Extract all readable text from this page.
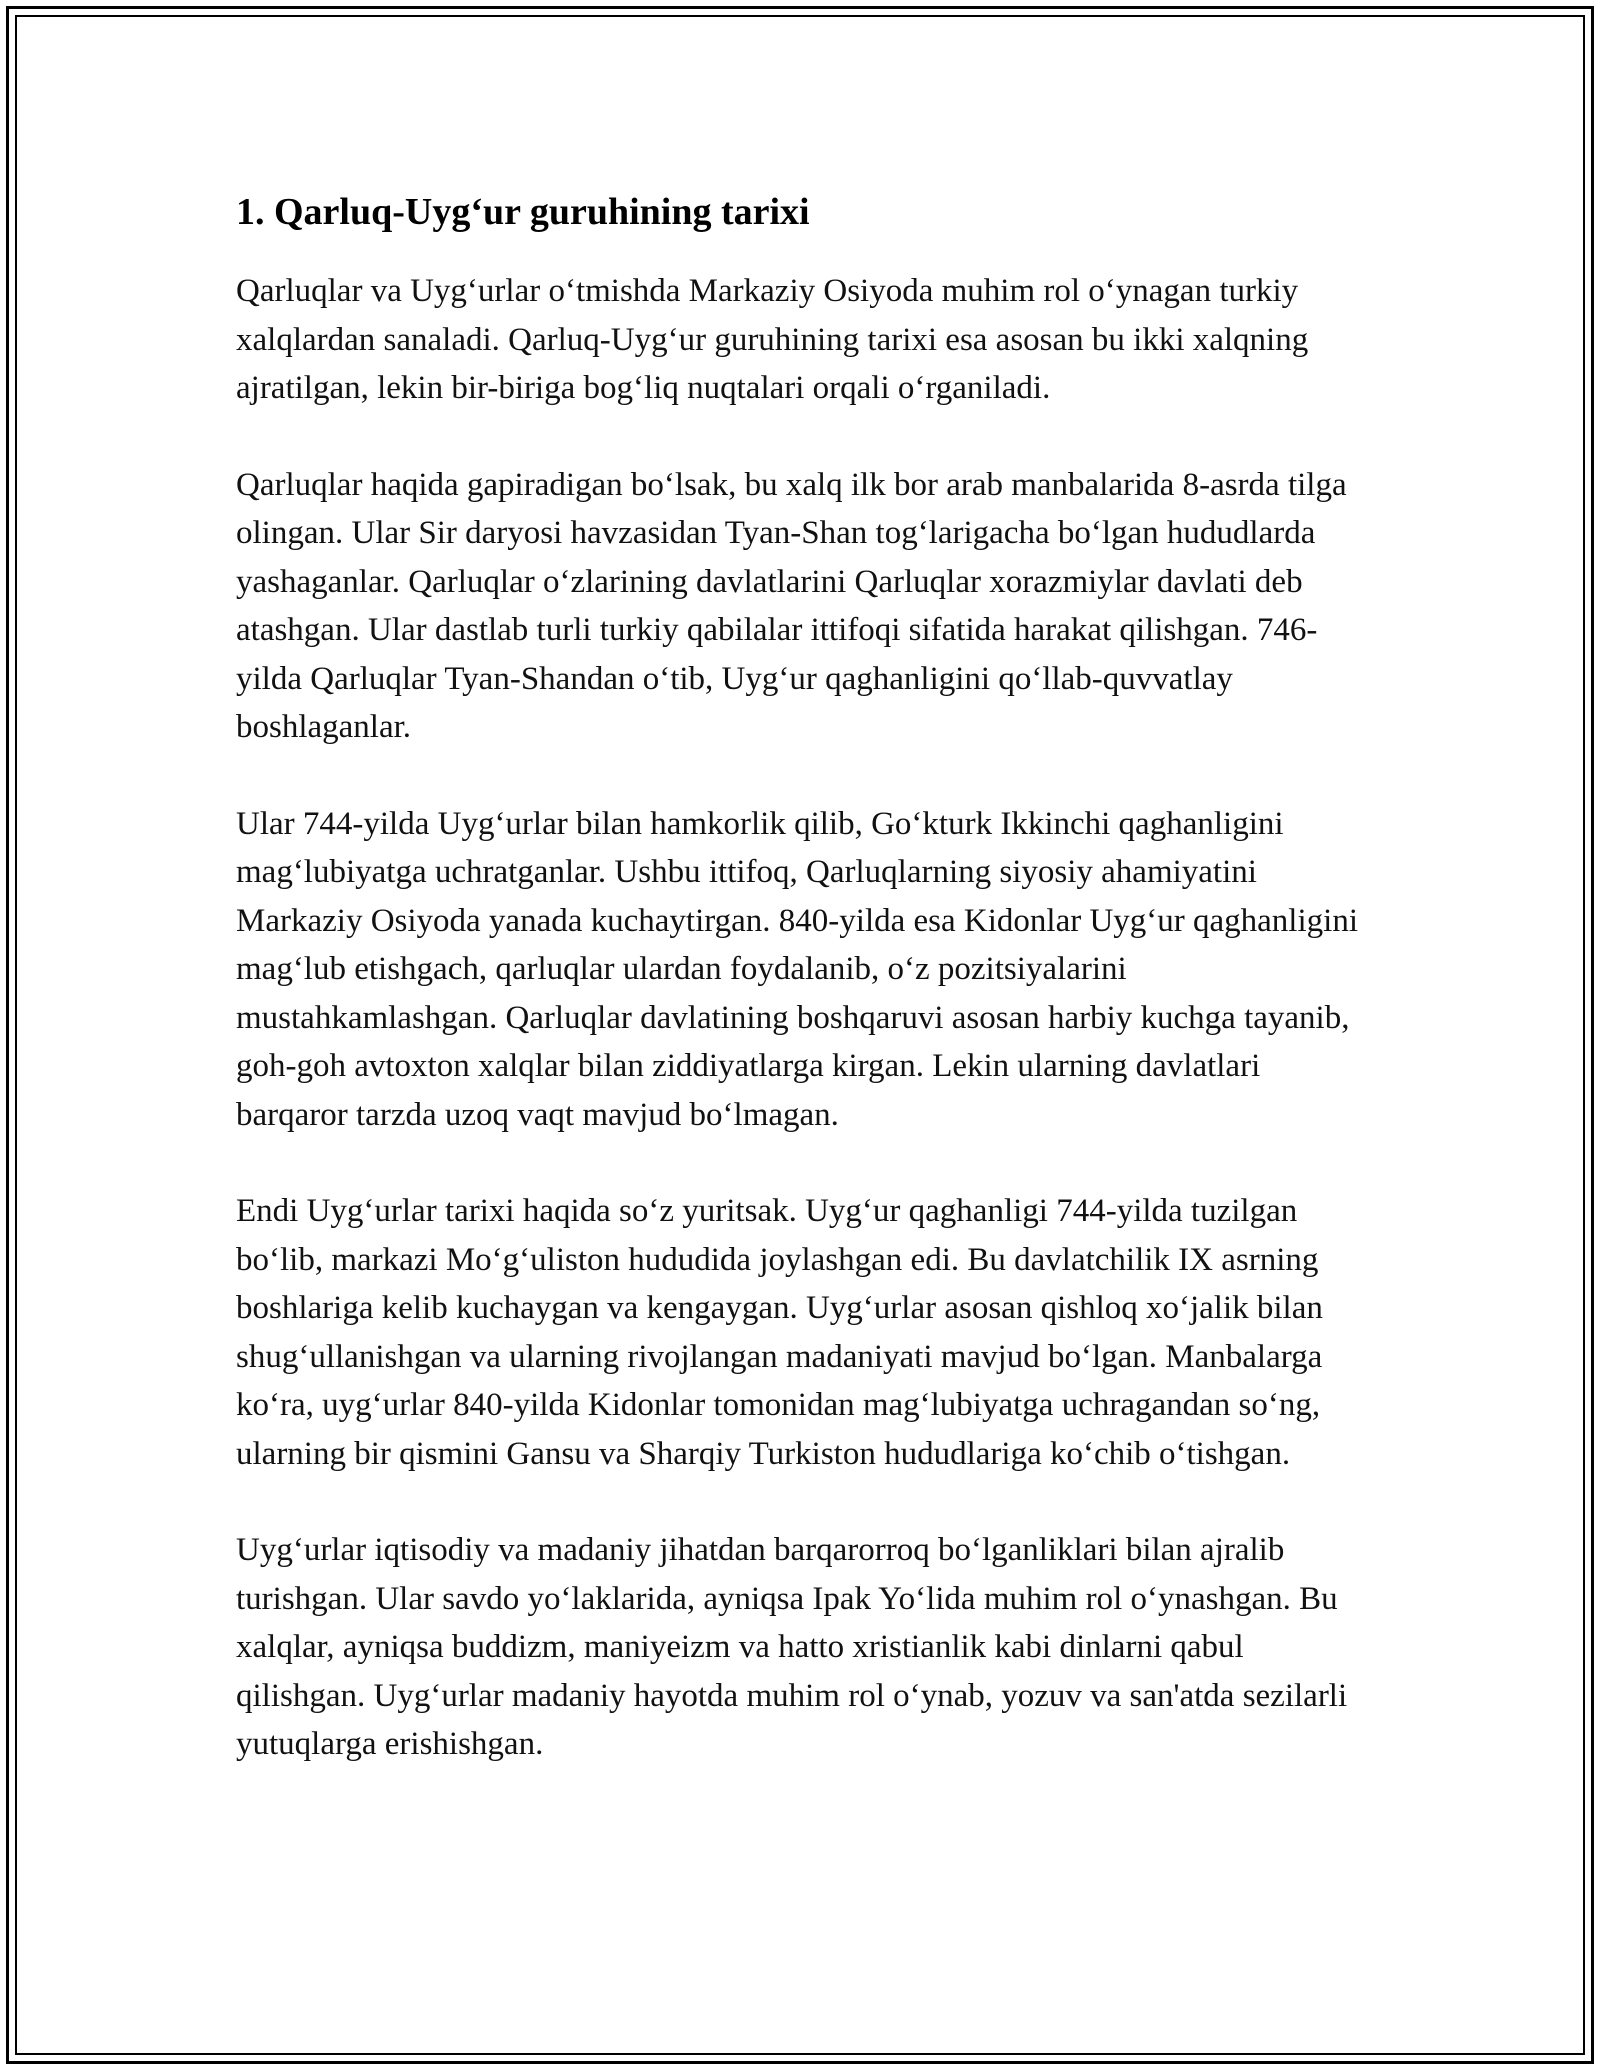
1. Qarluq-Uyg‘ur guruhining tarixi

Qarluqlar va Uyg‘urlar o‘tmishda Markaziy Osiyoda muhim rol o‘ynagan turkiy xalqlardan sanaladi. Qarluq-Uyg‘ur guruhining tarixi esa asosan bu ikki xalqning ajratilgan, lekin bir-biriga bog‘liq nuqtalari orqali o‘rganiladi.

Qarluqlar haqida gapiradigan bo‘lsak, bu xalq ilk bor arab manbalarida 8-asrda tilga olingan. Ular Sir daryosi havzasidan Tyan-Shan tog‘larigacha bo‘lgan hududlarda yashaganlar. Qarluqlar o‘zlarining davlatlarini Qarluqlar xorazmiylar davlati deb atashgan. Ular dastlab turli turkiy qabilalar ittifoqi sifatida harakat qilishgan. 746-yilda Qarluqlar Tyan-Shandan o‘tib, Uyg‘ur qaghanligini qo‘llab-quvvatlay boshlaganlar.

Ular 744-yilda Uyg‘urlar bilan hamkorlik qilib, Go‘kturk Ikkinchi qaghanligini mag‘lubiyatga uchratganlar. Ushbu ittifoq, Qarluqlarning siyosiy ahamiyatini Markaziy Osiyoda yanada kuchaytirgan. 840-yilda esa Kidonlar Uyg‘ur qaghanligini mag‘lub etishgach, qarluqlar ulardan foydalanib, o‘z pozitsiyalarini mustahkamlashgan. Qarluqlar davlatining boshqaruvi asosan harbiy kuchga tayanib, goh-goh avtoxton xalqlar bilan ziddiyatlarga kirgan. Lekin ularning davlatlari barqaror tarzda uzoq vaqt mavjud bo‘lmagan.

Endi Uyg‘urlar tarixi haqida so‘z yuritsak. Uyg‘ur qaghanligi 744-yilda tuzilgan bo‘lib, markazi Mo‘g‘uliston hududida joylashgan edi. Bu davlatchilik IX asrning boshlariga kelib kuchaygan va kengaygan. Uyg‘urlar asosan qishloq xo‘jalik bilan shug‘ullanishgan va ularning rivojlangan madaniyati mavjud bo‘lgan. Manbalarga ko‘ra, uyg‘urlar 840-yilda Kidonlar tomonidan mag‘lubiyatga uchragandan so‘ng, ularning bir qismini Gansu va Sharqiy Turkiston hududlariga ko‘chib o‘tishgan.

Uyg‘urlar iqtisodiy va madaniy jihatdan barqarorroq bo‘lganliklari bilan ajralib turishgan. Ular savdo yo‘laklarida, ayniqsa Ipak Yo‘lida muhim rol o‘ynashgan. Bu xalqlar, ayniqsa buddizm, maniyeizm va hatto xristianlik kabi dinlarni qabul qilishgan. Uyg‘urlar madaniy hayotda muhim rol o‘ynab, yozuv va san'atda sezilarli yutuqlarga erishishgan.
